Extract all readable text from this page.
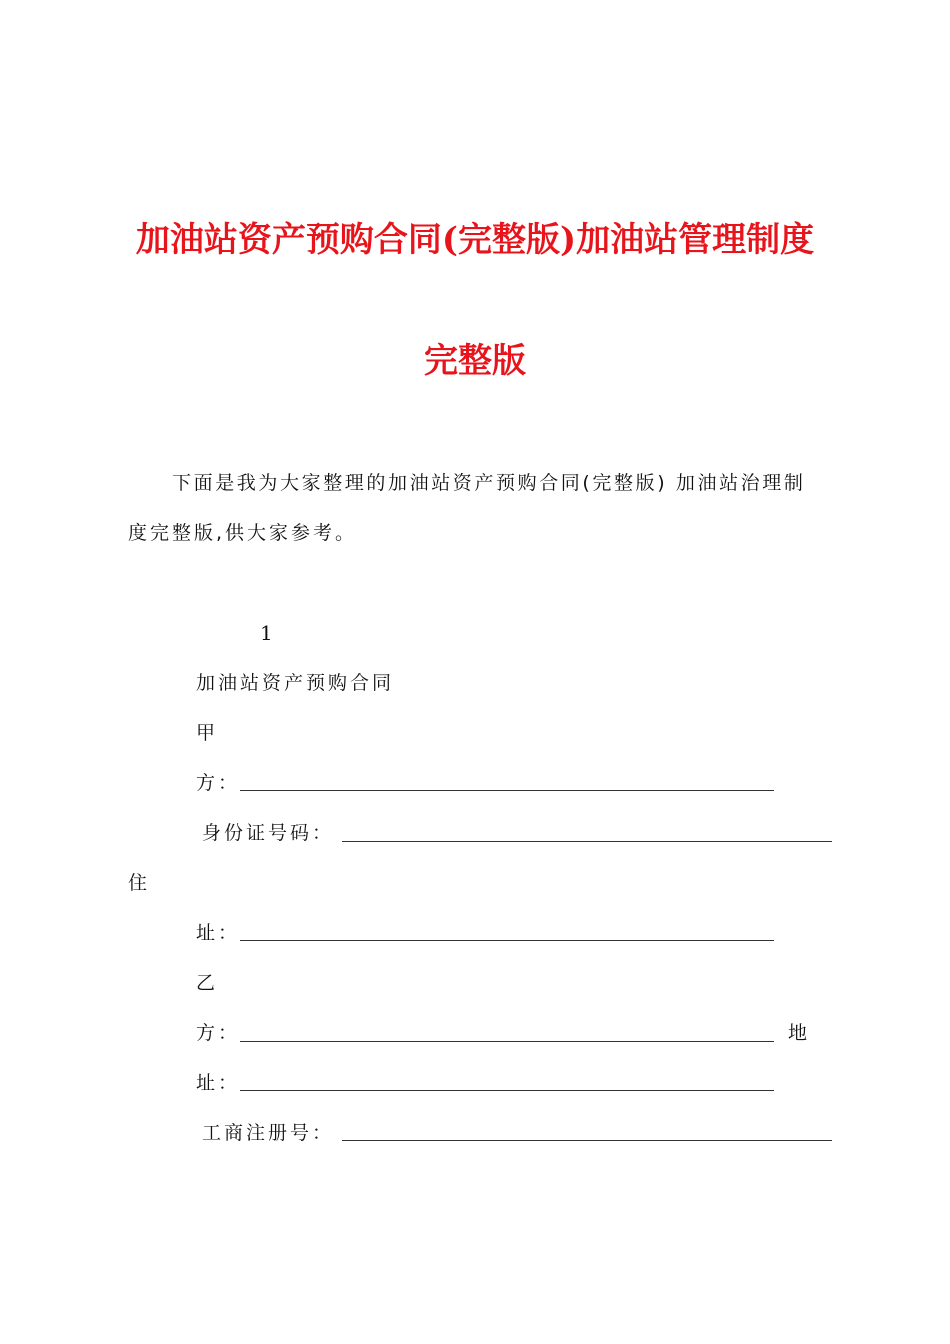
加油站资产预购合同(完整版)加油站管理制度
完整版
下面是我为大家整理的加油站资产预购合同(完整版) 加油站治理制
度完整版,供大家参考。
1
加油站资产预购合同
甲
方：
身份证号码：
住
址：
乙
方：	地
址：
工商注册号：
